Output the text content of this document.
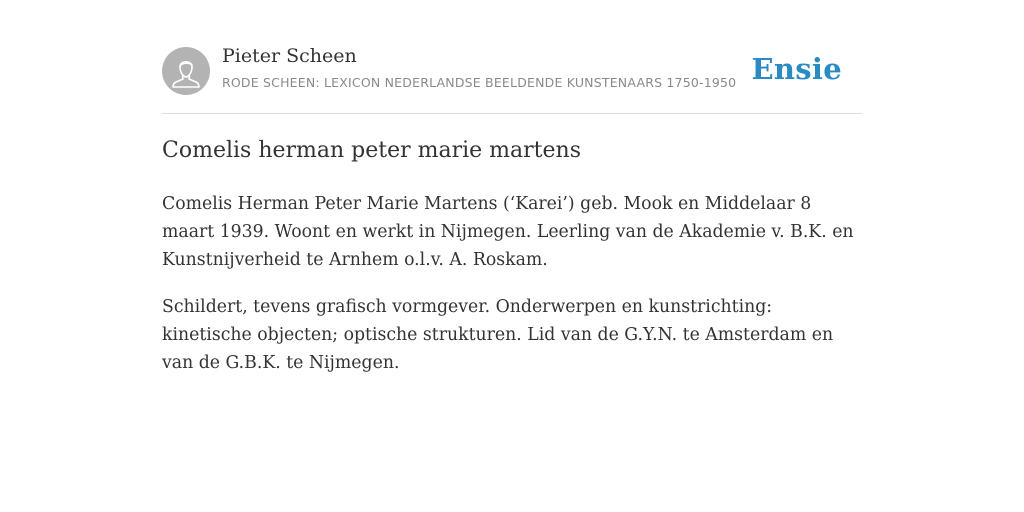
Pieter Scheen
RODE SCHEEN: LEXICON NEDERLANDSE BEELDENDE KUNSTENAARS 1750-1950 Ensie
Comelis herman peter marie martens

Comelis Herman Peter Marie Martens (‘Karei’) geb. Mook en Middelaar 8 maart 1939. Woont en werkt in Nijmegen. Leerling van de Akademie v. B.K. en Kunstnijverheid te Arnhem o.l.v. A. Roskam.

Schildert, tevens grafisch vormgever. Onderwerpen en kunstrichting: kinetische objecten; optische strukturen. Lid van de G.Y.N. te Amsterdam en van de G.B.K. te Nijmegen.
